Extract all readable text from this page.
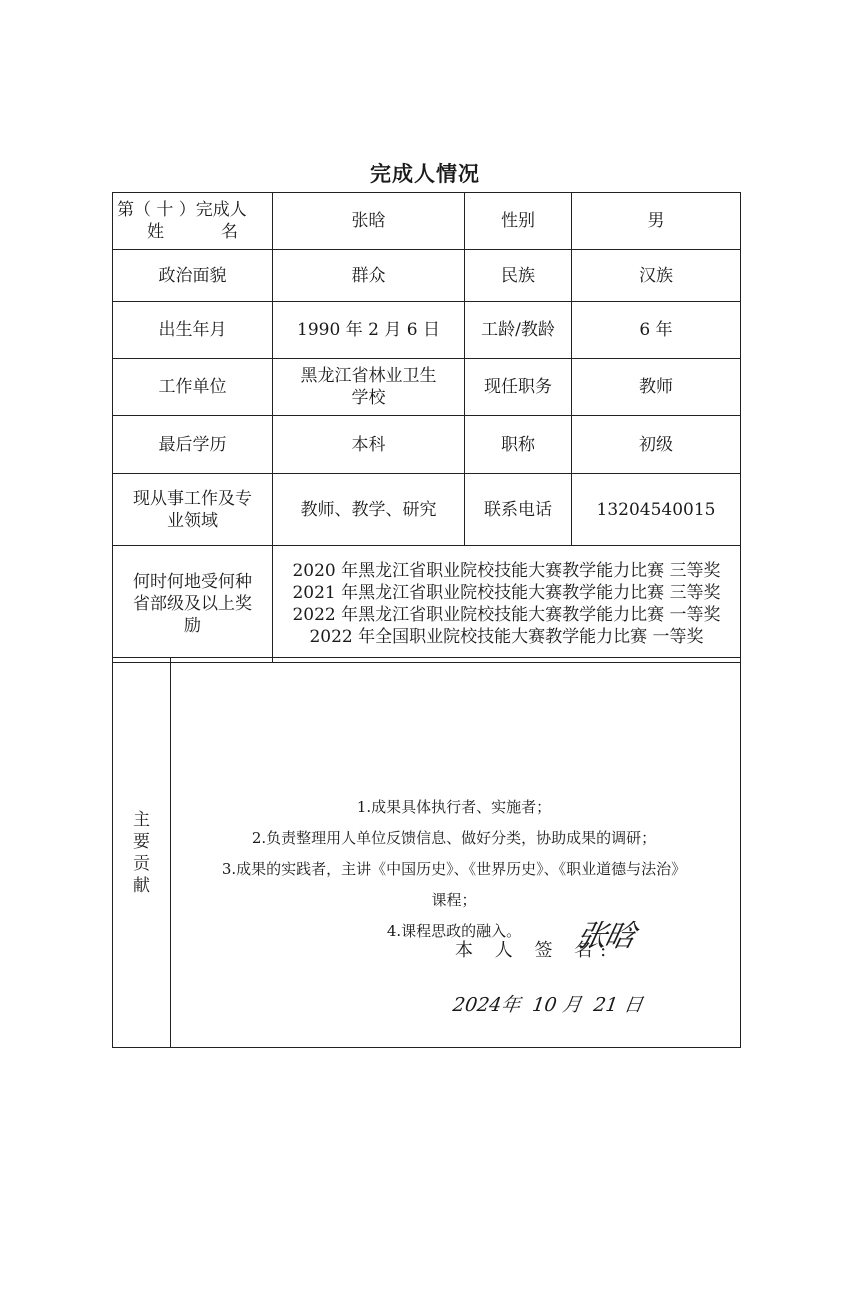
完成人情况
第（ 十 ）完成人
姓名	张晗	性别	男
政治面貌	群众	民族	汉族
出生年月	1990 年 2 月 6 日	工龄/教龄	6 年
工作单位	黑龙江省林业卫生学校	现任职务	教师
最后学历	本科	职称	初级
现从事工作及专业领域	教师、教学、研究	联系电话	13204540015
何时何地受何种省部级及以上奖励	2020 年黑龙江省职业院校技能大赛教学能力比赛 三等奖
2021 年黑龙江省职业院校技能大赛教学能力比赛 三等奖
2022 年黑龙江省职业院校技能大赛教学能力比赛 一等奖
2022 年全国职业院校技能大赛教学能力比赛 一等奖		
主
要
贡
献

1.成果具体执行者、实施者；
2.负责整理用人单位反馈信息、做好分类，协助成果的调研；
3.成果的实践者，主讲《中国历史》、《世界历史》、《职业道德与法治》
课程；
4.课程思政的融入。
本 人 签 名:
张晗
2024年 10 月 21 日
